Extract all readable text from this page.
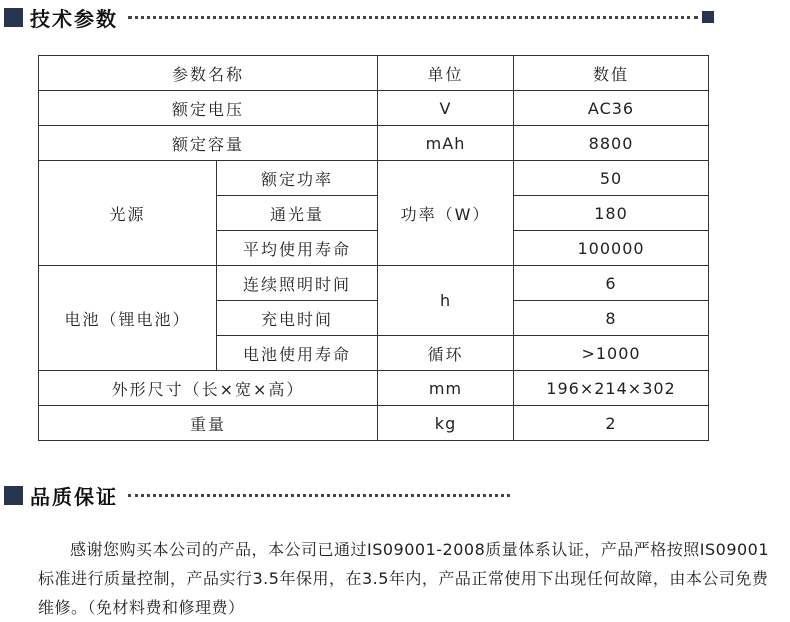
技术参数
参数名称		单位	数值
额定电压		V	AC36
额定容量		mAh	8800
光源	额定功率	功率（W）	50
	通光量		180
	平均使用寿命		100000
电池（锂电池）	连续照明时间	h	6
	充电时间		8
	电池使用寿命	循环	>1000
外形尺寸（长×宽×高）		mm	196×214×302
重量		kg	2
品质保证

感谢您购买本公司的产品，本公司已通过IS09001-2008质量体系认证，产品严格按照IS09001标准进行质量控制，产品实行3.5年保用，在3.5年内，产品正常使用下出现任何故障，由本公司免费维修。（免材料费和修理费）
